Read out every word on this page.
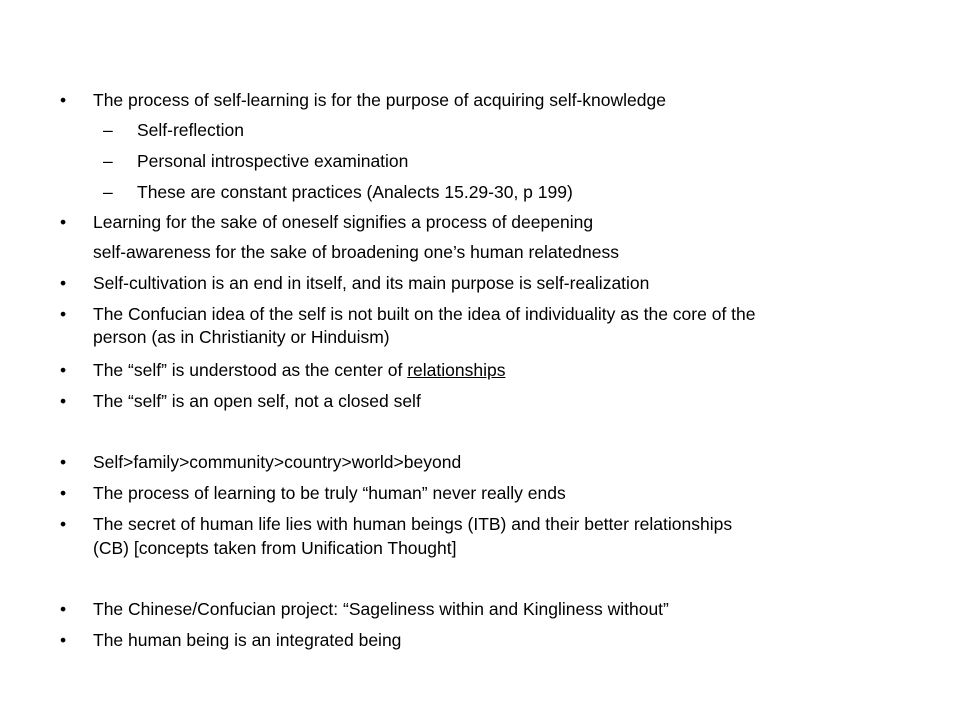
•	The process of self-learning is for the purpose of acquiring self-knowledge
– Self-reflection
– Personal introspective examination
– These are constant practices (Analects 15.29-30, p 199)
•	Learning for the sake of oneself signifies a process of deepening
self-awareness for the sake of broadening one’s human relatedness
•	Self-cultivation is an end in itself, and its main purpose is self-realization
•	The Confucian idea of the self is not built on the idea of individuality as the core of the
person (as in Christianity or Hinduism)
•	The “self” is understood as the center of relationships
•	The “self” is an open self, not a closed self
•	Self>family>community>country>world>beyond
•	The process of learning to be truly “human” never really ends
•	The secret of human life lies with human beings (ITB) and their better relationships
(CB) [concepts taken from Unification Thought]
•	The Chinese/Confucian project: “Sageliness within and Kingliness without”
•	The human being is an integrated being
